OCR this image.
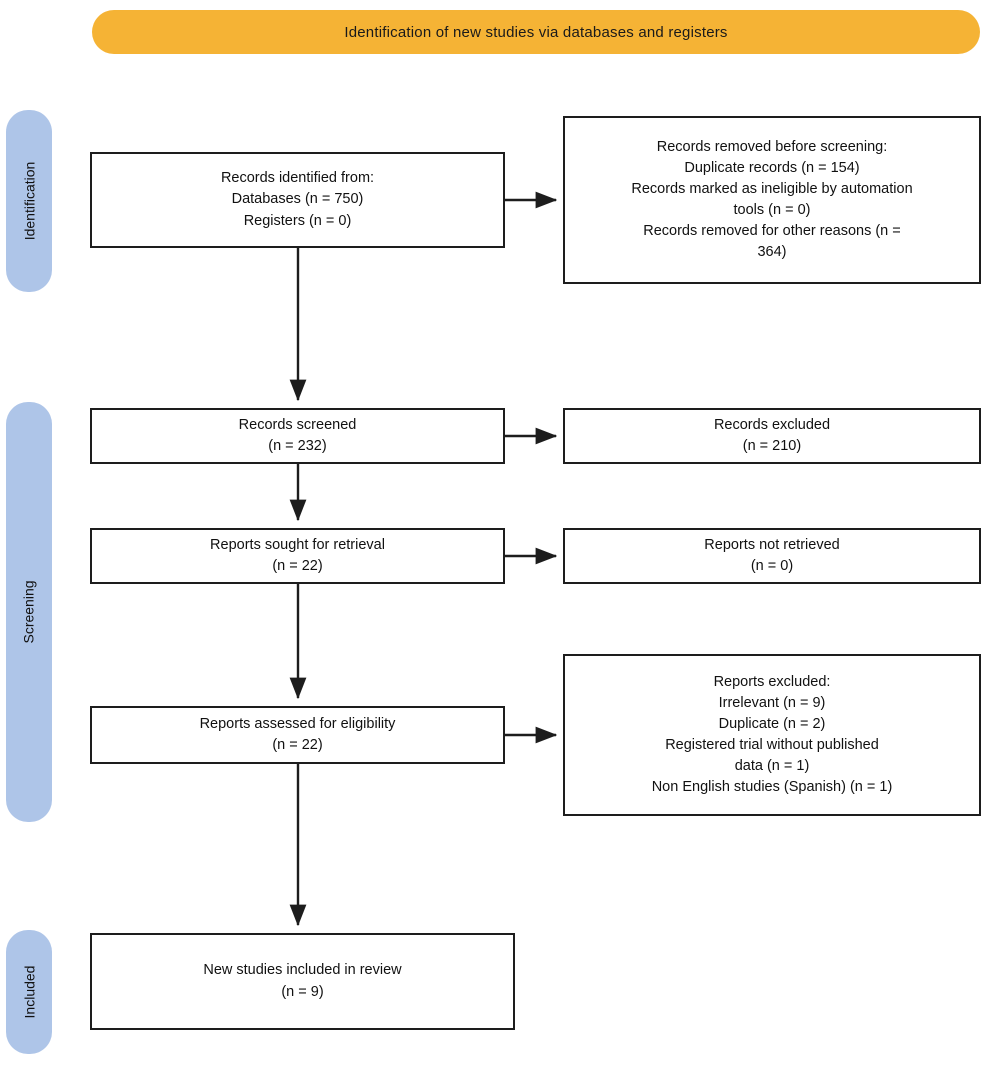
Identification of new studies via databases and registers
Identification
Screening
Included
Records identified from:
Databases (n = 750)
Registers (n = 0)
Records removed before screening:
Duplicate records (n = 154)
Records marked as ineligible by automation
tools (n = 0)
Records removed for other reasons (n =
364)
Records screened
(n = 232)
Records excluded
(n = 210)
Reports sought for retrieval
(n = 22)
Reports not retrieved
(n = 0)
Reports assessed for eligibility
(n = 22)
Reports excluded:
Irrelevant (n = 9)
Duplicate (n = 2)
Registered trial without published
data (n = 1)
Non English studies (Spanish) (n = 1)
New studies included in review
(n = 9)
